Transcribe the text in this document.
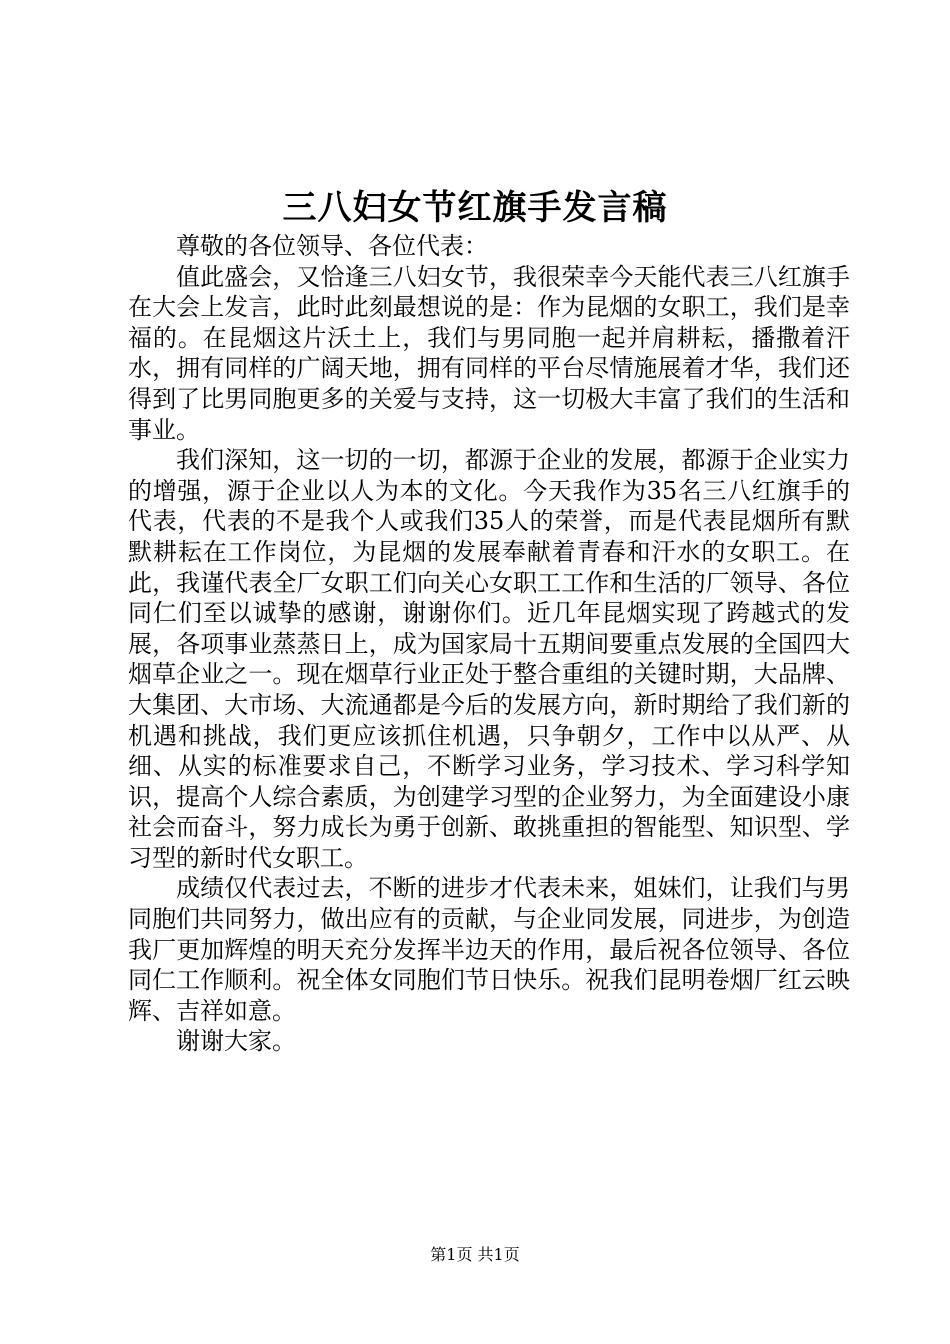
三八妇女节红旗手发言稿

尊敬的各位领导、各位代表：

值此盛会，又恰逢三八妇女节，我很荣幸今天能代表三八红旗手在大会上发言，此时此刻最想说的是：作为昆烟的女职工，我们是幸福的。在昆烟这片沃土上，我们与男同胞一起并肩耕耘，播撒着汗水，拥有同样的广阔天地，拥有同样的平台尽情施展着才华，我们还得到了比男同胞更多的关爱与支持，这一切极大丰富了我们的生活和事业。

我们深知，这一切的一切，都源于企业的发展，都源于企业实力的增强，源于企业以人为本的文化。今天我作为35名三八红旗手的代表，代表的不是我个人或我们35人的荣誉，而是代表昆烟所有默默耕耘在工作岗位，为昆烟的发展奉献着青春和汗水的女职工。在此，我谨代表全厂女职工们向关心女职工工作和生活的厂领导、各位同仁们至以诚挚的感谢，谢谢你们。近几年昆烟实现了跨越式的发展，各项事业蒸蒸日上，成为国家局十五期间要重点发展的全国四大烟草企业之一。现在烟草行业正处于整合重组的关键时期，大品牌、大集团、大市场、大流通都是今后的发展方向，新时期给了我们新的机遇和挑战，我们更应该抓住机遇，只争朝夕，工作中以从严、从细、从实的标准要求自己，不断学习业务，学习技术、学习科学知识，提高个人综合素质，为创建学习型的企业努力，为全面建设小康社会而奋斗，努力成长为勇于创新、敢挑重担的智能型、知识型、学习型的新时代女职工。

成绩仅代表过去，不断的进步才代表未来，姐妹们，让我们与男同胞们共同努力，做出应有的贡献，与企业同发展，同进步，为创造我厂更加辉煌的明天充分发挥半边天的作用，最后祝各位领导、各位同仁工作顺利。祝全体女同胞们节日快乐。祝我们昆明卷烟厂红云映辉、吉祥如意。

谢谢大家。

第1页 共1页
